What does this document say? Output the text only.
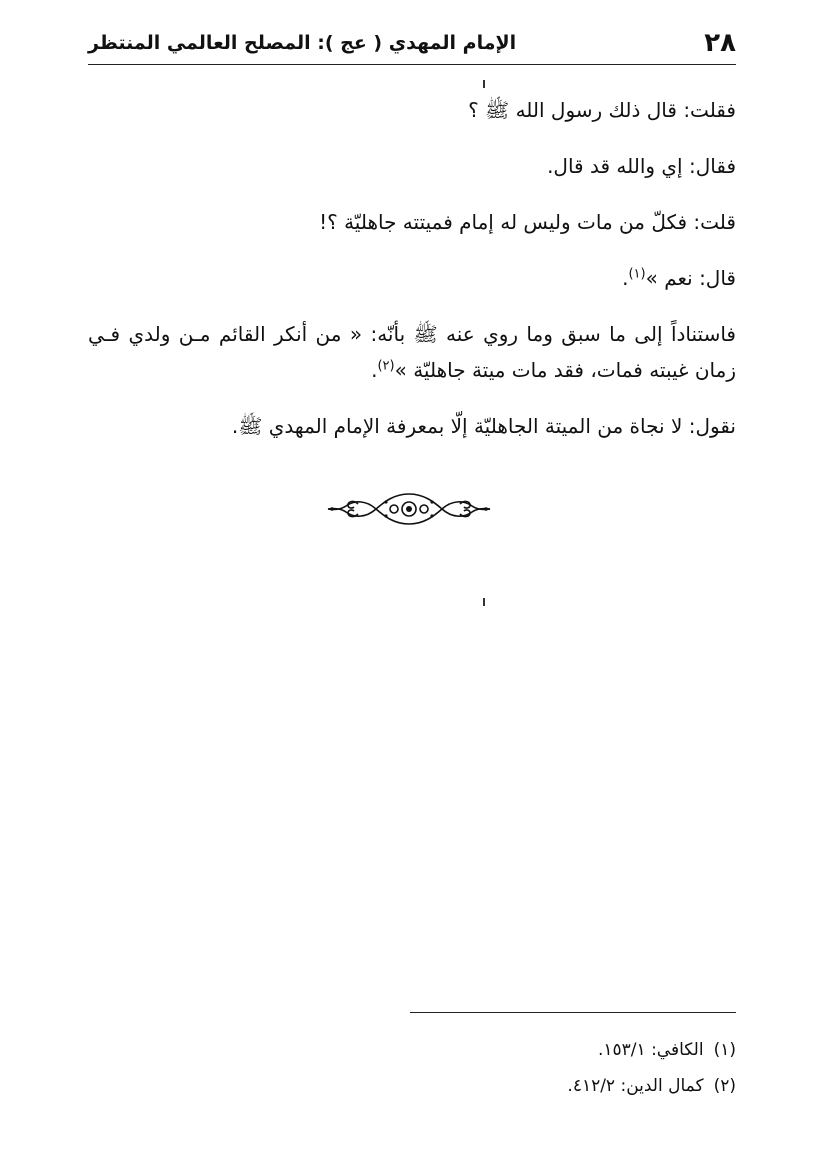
٢٨
الإمام المهدي ( عج ): المصلح العالمي المنتظر

فقلت: قال ذلك رسول الله ﷺ ؟

فقال: إي والله قد قال.

قلت: فكلّ من مات وليس له إمام فميتته جاهليّة ؟!

قال: نعم »$^{(١)}$.

فاستناداً إلى ما سبق وما روي عنه ﷺ بأنّه: « من أنكر القائم مـن ولدي فـي زمان غيبته فمات، فقد مات ميتة جاهليّة »$^{(٢)}$.

نقول: لا نجاة من الميتة الجاهليّة إلّا بمعرفة الإمام المهدي ﷺ.

(١)الكافي: ١٥٣/١.
(٢)كمال الدين: ٤١٢/٢.
